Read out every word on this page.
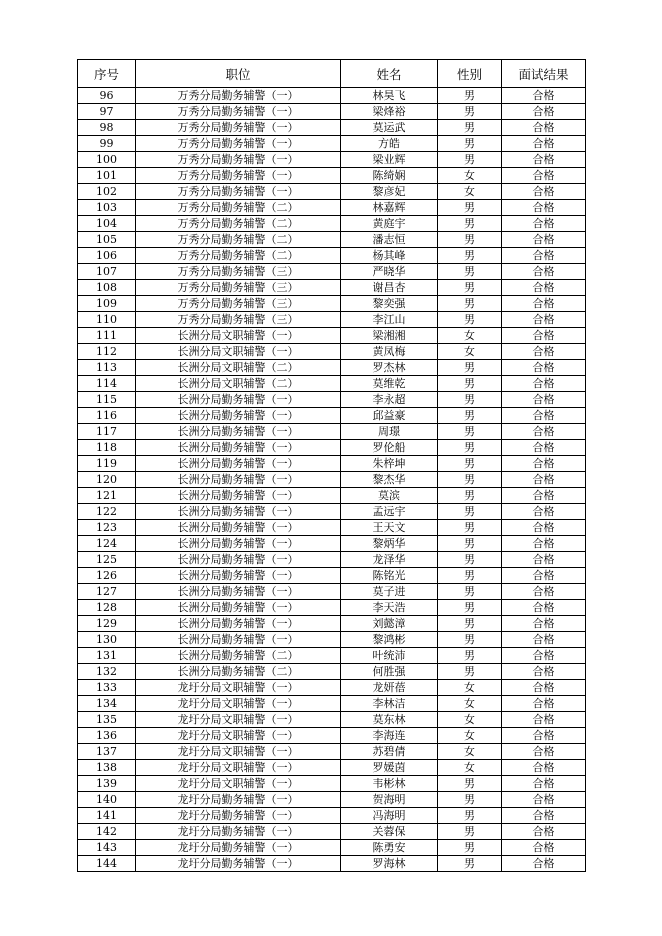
序号	职位	姓名	性别	面试结果
96	万秀分局勤务辅警（一）	林昊飞	男	合格
97	万秀分局勤务辅警（一）	梁烽裕	男	合格
98	万秀分局勤务辅警（一）	莫运武	男	合格
99	万秀分局勤务辅警（一）	方皓	男	合格
100	万秀分局勤务辅警（一）	梁业辉	男	合格
101	万秀分局勤务辅警（一）	陈绮娴	女	合格
102	万秀分局勤务辅警（一）	黎彦妃	女	合格
103	万秀分局勤务辅警（二）	林嘉辉	男	合格
104	万秀分局勤务辅警（二）	黄庭宇	男	合格
105	万秀分局勤务辅警（二）	潘志恒	男	合格
106	万秀分局勤务辅警（二）	杨其峰	男	合格
107	万秀分局勤务辅警（三）	严晓华	男	合格
108	万秀分局勤务辅警（三）	谢昌杏	男	合格
109	万秀分局勤务辅警（三）	黎奕强	男	合格
110	万秀分局勤务辅警（三）	李江山	男	合格
111	长洲分局文职辅警（一）	梁湘湘	女	合格
112	长洲分局文职辅警（一）	黄凤梅	女	合格
113	长洲分局文职辅警（二）	罗杰林	男	合格
114	长洲分局文职辅警（二）	莫维乾	男	合格
115	长洲分局勤务辅警（一）	李永超	男	合格
116	长洲分局勤务辅警（一）	邱益豪	男	合格
117	长洲分局勤务辅警（一）	周璟	男	合格
118	长洲分局勤务辅警（一）	罗伦船	男	合格
119	长洲分局勤务辅警（一）	朱梓坤	男	合格
120	长洲分局勤务辅警（一）	黎杰华	男	合格
121	长洲分局勤务辅警（一）	莫滨	男	合格
122	长洲分局勤务辅警（一）	孟远宇	男	合格
123	长洲分局勤务辅警（一）	王天文	男	合格
124	长洲分局勤务辅警（一）	黎炳华	男	合格
125	长洲分局勤务辅警（一）	龙泽华	男	合格
126	长洲分局勤务辅警（一）	陈铭光	男	合格
127	长洲分局勤务辅警（一）	莫子进	男	合格
128	长洲分局勤务辅警（一）	李天浩	男	合格
129	长洲分局勤务辅警（一）	刘懿漳	男	合格
130	长洲分局勤务辅警（一）	黎鸿彬	男	合格
131	长洲分局勤务辅警（二）	叶统沛	男	合格
132	长洲分局勤务辅警（二）	何胜强	男	合格
133	龙圩分局文职辅警（一）	龙妍蓓	女	合格
134	龙圩分局文职辅警（一）	李林洁	女	合格
135	龙圩分局文职辅警（一）	莫东林	女	合格
136	龙圩分局文职辅警（一）	李海连	女	合格
137	龙圩分局文职辅警（一）	苏碧倩	女	合格
138	龙圩分局文职辅警（一）	罗媛茵	女	合格
139	龙圩分局文职辅警（一）	韦彬林	男	合格
140	龙圩分局勤务辅警（一）	贺海明	男	合格
141	龙圩分局勤务辅警（一）	冯海明	男	合格
142	龙圩分局勤务辅警（一）	关蓉保	男	合格
143	龙圩分局勤务辅警（一）	陈勇安	男	合格
144	龙圩分局勤务辅警（一）	罗海林	男	合格
